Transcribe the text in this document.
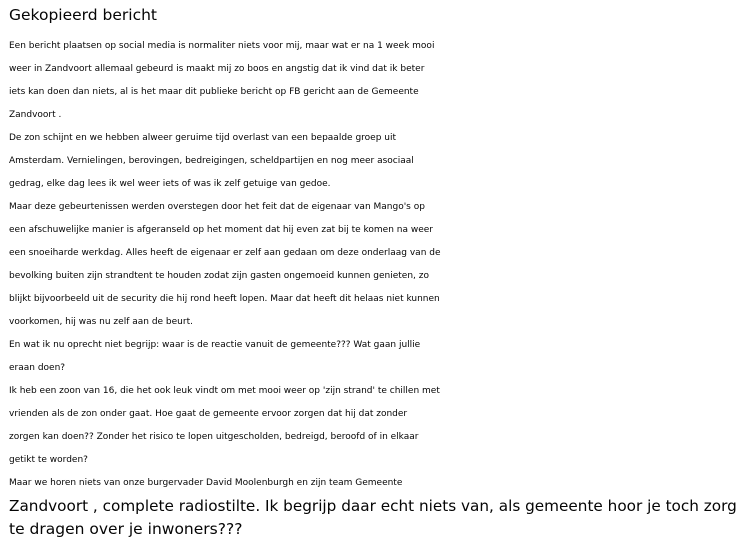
Gekopieerd bericht
Een bericht plaatsen op social media is normaliter niets voor mij, maar wat er na 1 week mooi
weer in Zandvoort allemaal gebeurd is maakt mij zo boos en angstig dat ik vind dat ik beter
iets kan doen dan niets, al is het maar dit publieke bericht op FB gericht aan de Gemeente
Zandvoort .
De zon schijnt en we hebben alweer geruime tijd overlast van een bepaalde groep uit
Amsterdam. Vernielingen, berovingen, bedreigingen, scheldpartijen en nog meer asociaal
gedrag, elke dag lees ik wel weer iets of was ik zelf getuige van gedoe.
Maar deze gebeurtenissen werden overstegen door het feit dat de eigenaar van Mango's op
een afschuwelijke manier is afgeranseld op het moment dat hij even zat bij te komen na weer
een snoeiharde werkdag. Alles heeft de eigenaar er zelf aan gedaan om deze onderlaag van de
bevolking buiten zijn strandtent te houden zodat zijn gasten ongemoeid kunnen genieten, zo
blijkt bijvoorbeeld uit de security die hij rond heeft lopen. Maar dat heeft dit helaas niet kunnen
voorkomen, hij was nu zelf aan de beurt.
En wat ik nu oprecht niet begrijp: waar is de reactie vanuit de gemeente??? Wat gaan jullie
eraan doen?
Ik heb een zoon van 16, die het ook leuk vindt om met mooi weer op 'zijn strand' te chillen met
vrienden als de zon onder gaat. Hoe gaat de gemeente ervoor zorgen dat hij dat zonder
zorgen kan doen?? Zonder het risico te lopen uitgescholden, bedreigd, beroofd of in elkaar
getikt te worden?
Maar we horen niets van onze burgervader David Moolenburgh en zijn team Gemeente
Zandvoort , complete radiostilte. Ik begrijp daar echt niets van, als gemeente hoor je toch zorg
te dragen over je inwoners???
